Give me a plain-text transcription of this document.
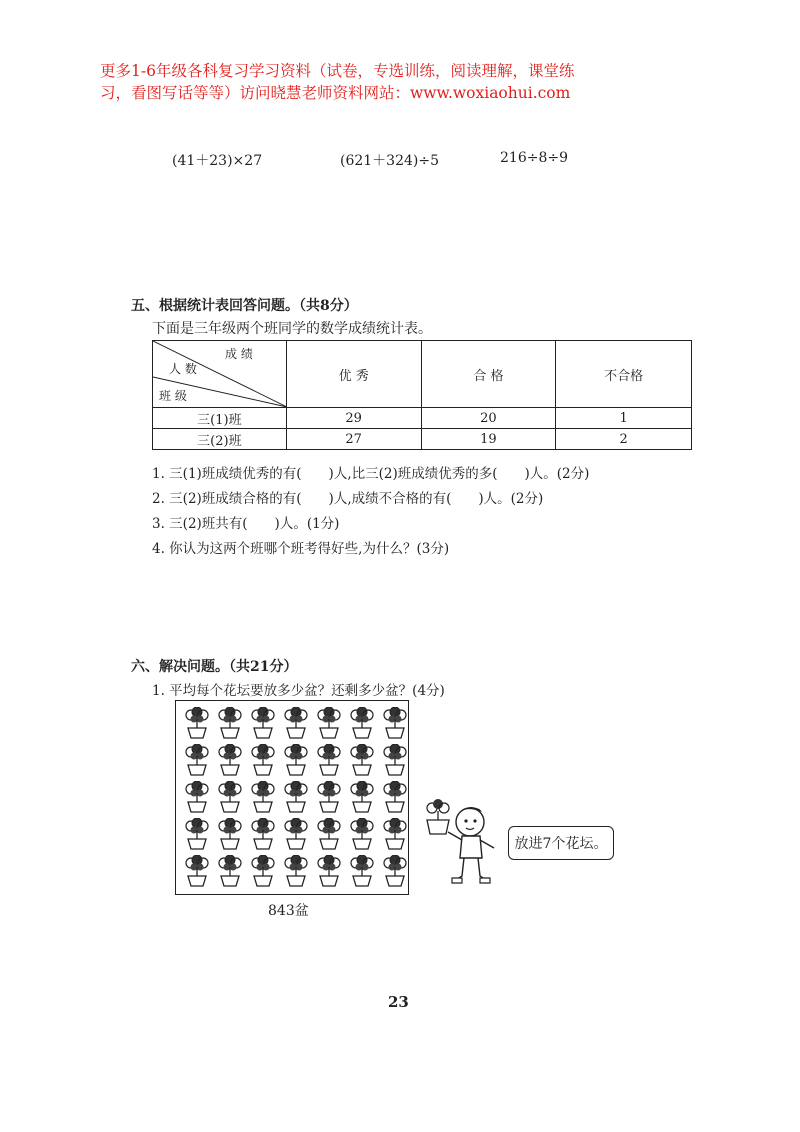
更多1-6年级各科复习学习资料（试卷，专选训练，阅读理解，课堂练
习，看图写话等等）访问晓慧老师资料网站：www.woxiaohui.com
(41＋23)×27	(621＋324)÷5	216÷8÷9
五、根据统计表回答问题。（共8分）
下面是三年级两个班同学的数学成绩统计表。
成 绩
人 数
班 级	优 秀	合 格	不合格
三(1)班	29	20	1
三(2)班	27	19	2
1. 三(1)班成绩优秀的有(　　)人,比三(2)班成绩优秀的多(　　)人。(2分)
2. 三(2)班成绩合格的有(　　)人,成绩不合格的有(　　)人。(2分)
3. 三(2)班共有(　　)人。(1分)
4. 你认为这两个班哪个班考得好些,为什么？(3分)
六、解决问题。（共21分）
1. 平均每个花坛要放多少盆？还剩多少盆？(4分)
843盆
放进7个花坛。
23
